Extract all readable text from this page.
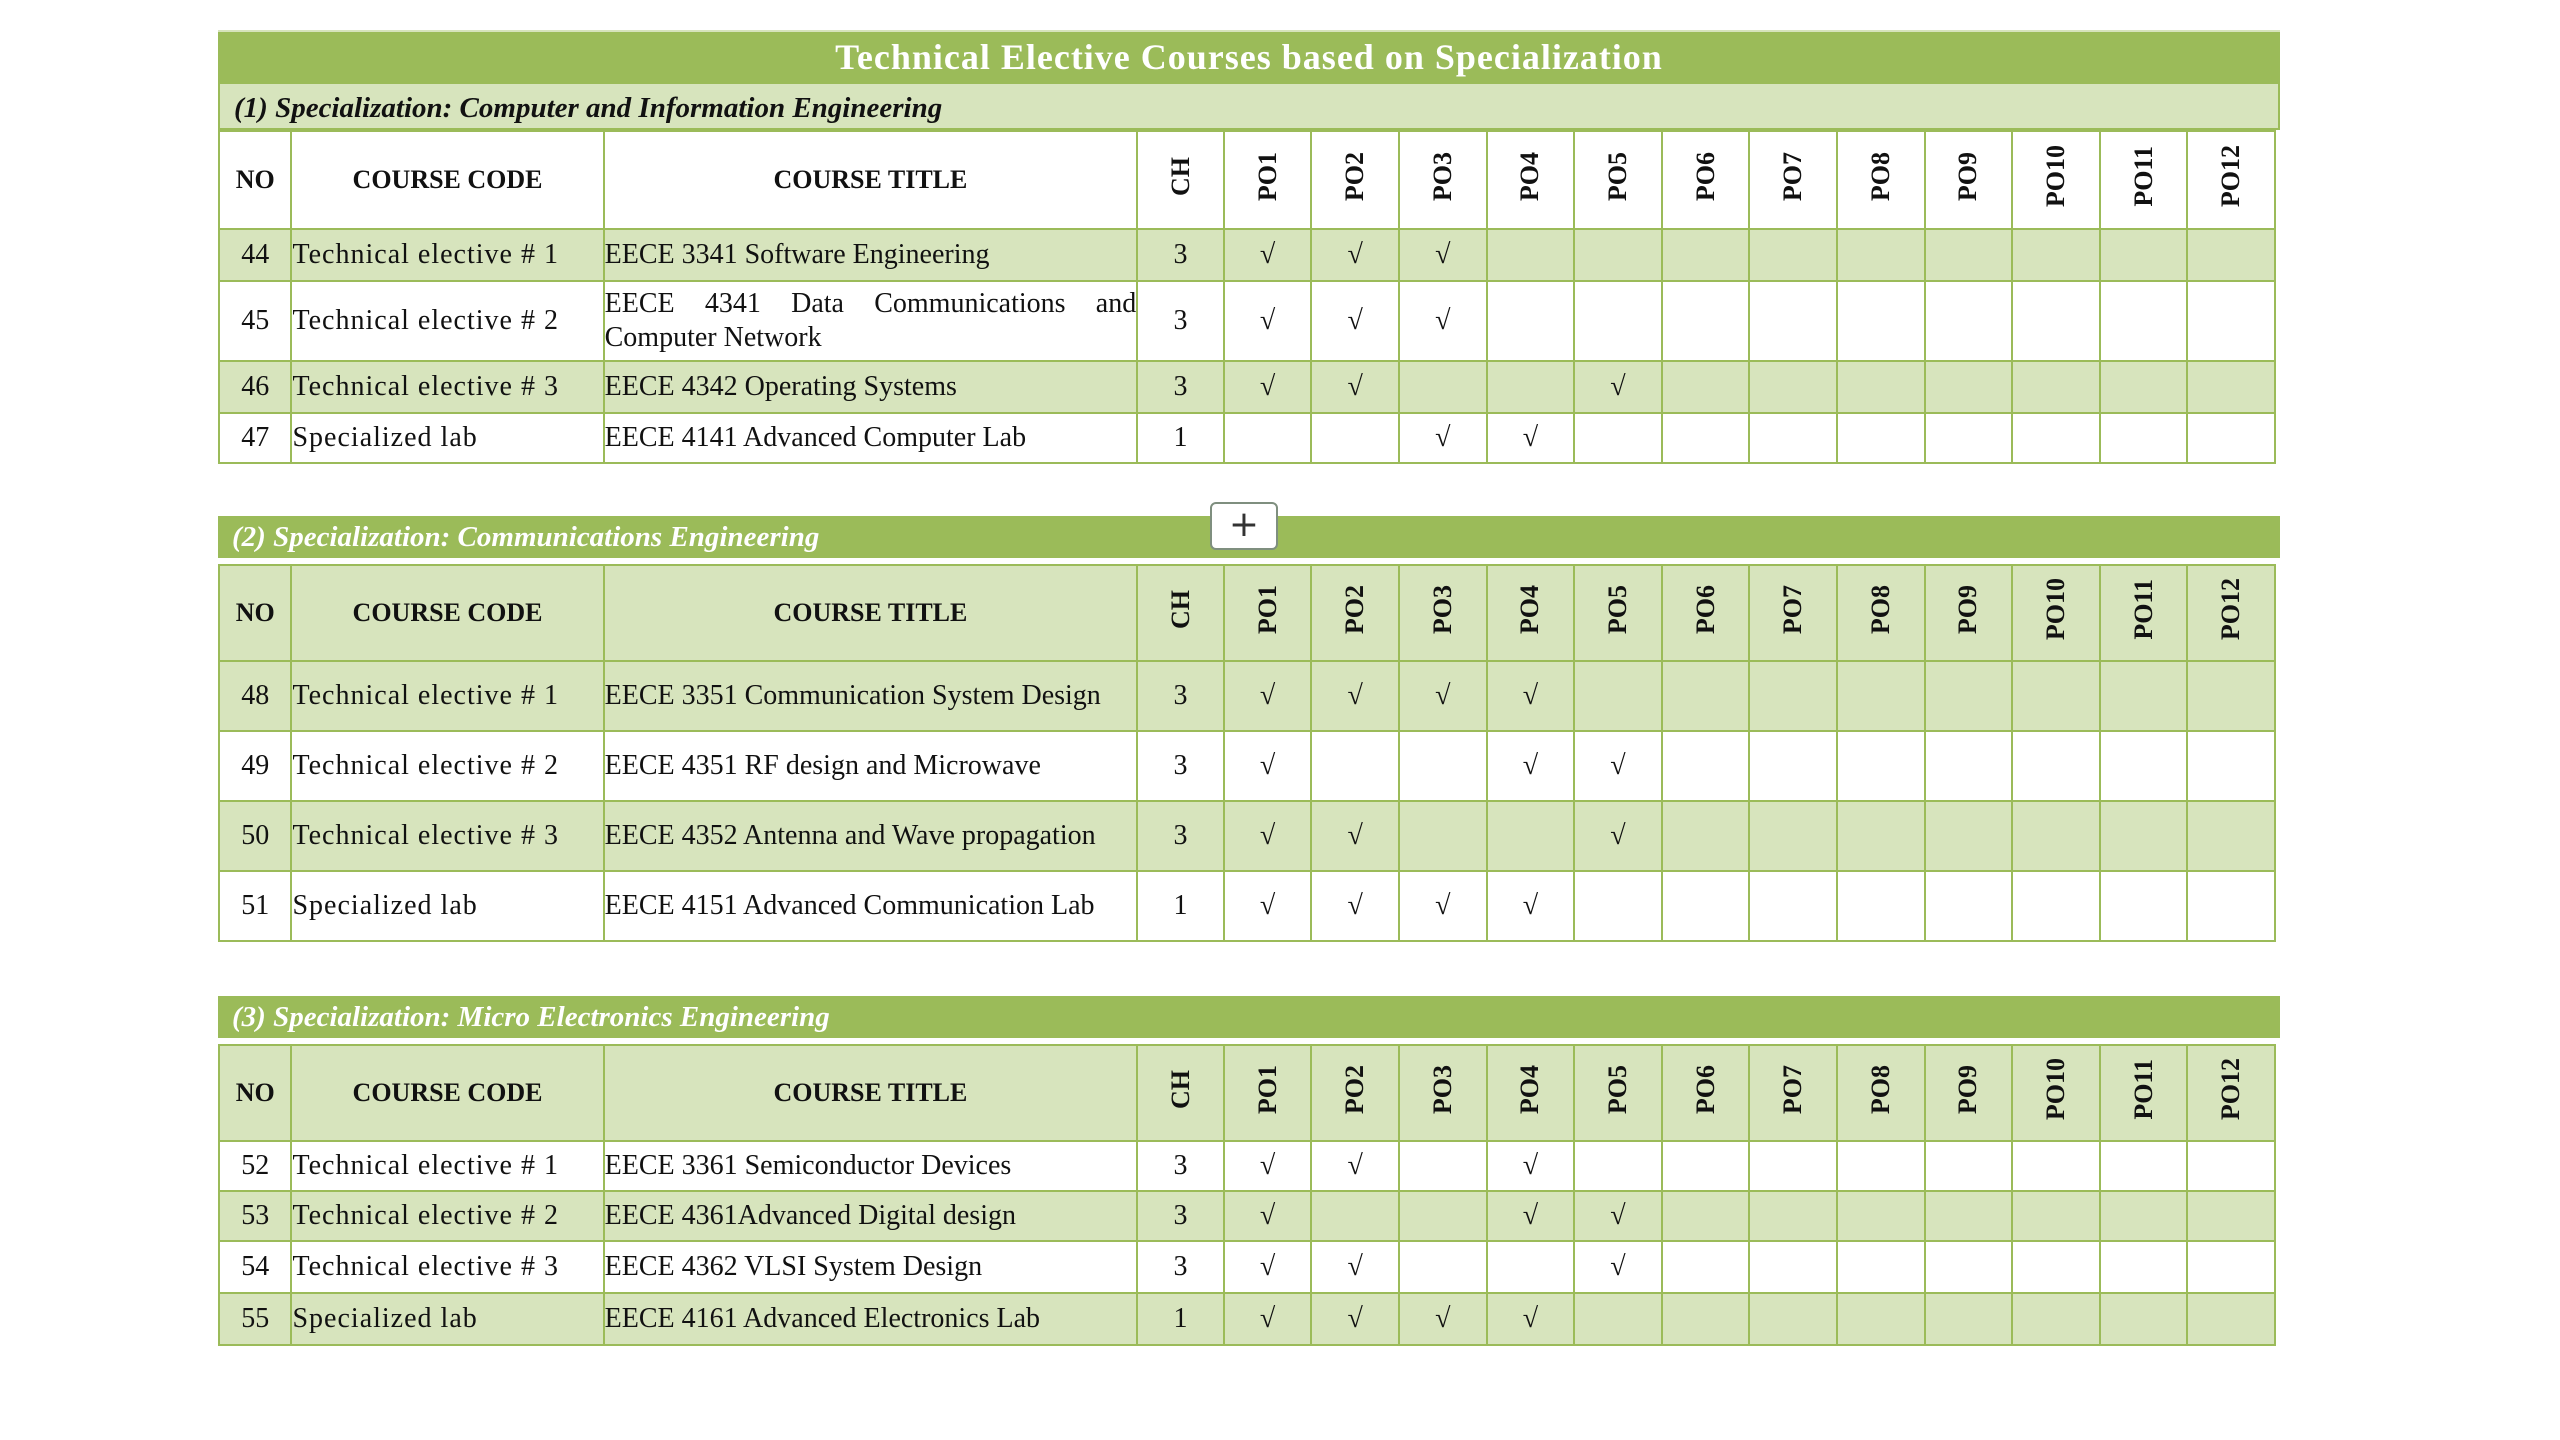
Technical Elective Courses based on Specialization
(1) Specialization: Computer and Information Engineering
NO	COURSE CODE	COURSE TITLE	CH	PO1	PO2	PO3	PO4	PO5	PO6	PO7	PO8	PO9	PO10	PO11	PO12
44	Technical elective # 1	EECE 3341 Software Engineering	3	√	√	√									
45	Technical elective # 2	EECE 4341 Data Communications and Computer Network	3	√	√	√									
46	Technical elective # 3	EECE 4342 Operating Systems	3	√	√			√							
47	Specialized lab	EECE 4141 Advanced Computer Lab	1			√	√								
(2) Specialization: Communications Engineering
NO	COURSE CODE	COURSE TITLE	CH	PO1	PO2	PO3	PO4	PO5	PO6	PO7	PO8	PO9	PO10	PO11	PO12
48	Technical elective # 1	EECE 3351 Communication System Design	3	√	√	√	√								
49	Technical elective # 2	EECE 4351 RF design and Microwave	3	√			√	√							
50	Technical elective # 3	EECE 4352 Antenna and Wave propagation	3	√	√			√							
51	Specialized lab	EECE 4151 Advanced Communication Lab	1	√	√	√	√								
(3) Specialization: Micro Electronics Engineering
NO	COURSE CODE	COURSE TITLE	CH	PO1	PO2	PO3	PO4	PO5	PO6	PO7	PO8	PO9	PO10	PO11	PO12
52	Technical elective # 1	EECE 3361 Semiconductor Devices	3	√	√		√								
53	Technical elective # 2	EECE 4361Advanced Digital design	3	√			√	√							
54	Technical elective # 3	EECE 4362 VLSI System Design	3	√	√			√							
55	Specialized lab	EECE 4161 Advanced Electronics Lab	1	√	√	√	√								
+
